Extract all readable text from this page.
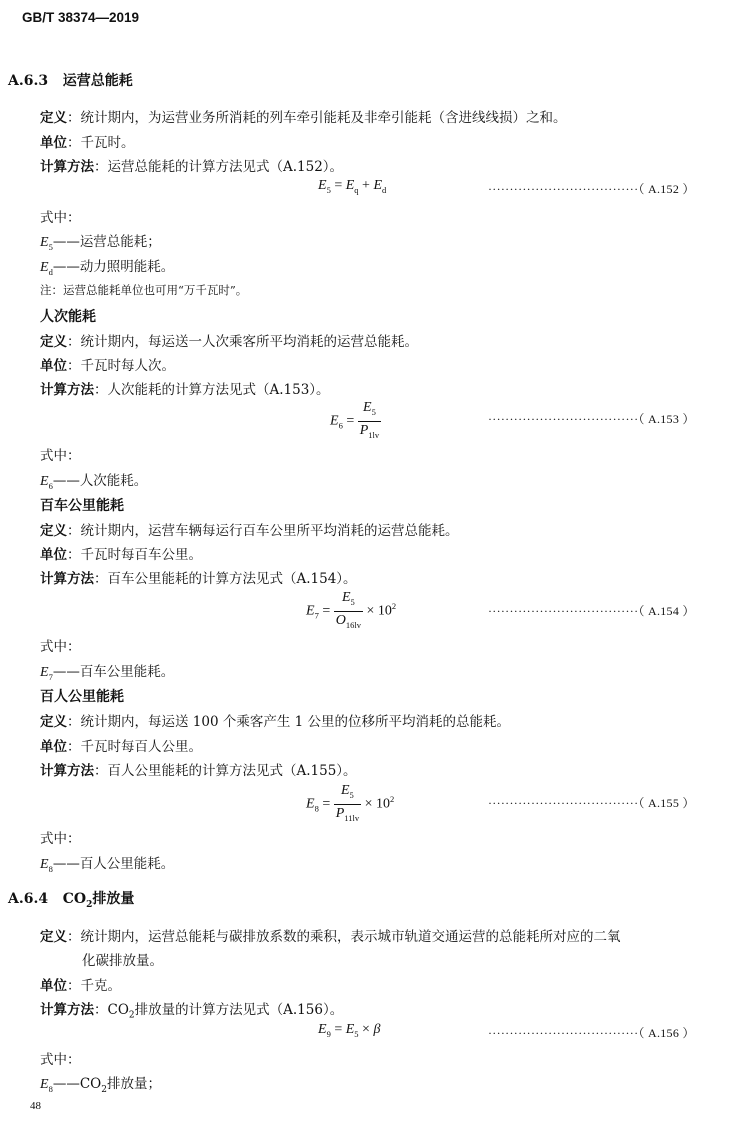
GB/T 38374—2019
A.6.3 运营总能耗
定义：统计期内，为运营业务所消耗的列车牵引能耗及非牵引能耗（含进线线损）之和。
单位：千瓦时。
计算方法：运营总能耗的计算方法见式（A.152）。
$E_5 = E_q + E_d$	···································（ A.152 ）
式中：
$E_5——$运营总能耗；
$E_d——$动力照明能耗。
注：运营总能耗单位也可用“万千瓦时”。
人次能耗
定义：统计期内，每运送一人次乘客所平均消耗的运营总能耗。
单位：千瓦时每人次。
计算方法：人次能耗的计算方法见式（A.153）。
$E_6 = \frac{E_5}{P_{1lv}}$	···································（ A.153 ）
式中：
$E_6——$人次能耗。
百车公里能耗
定义：统计期内，运营车辆每运行百车公里所平均消耗的运营总能耗。
单位：千瓦时每百车公里。
计算方法：百车公里能耗的计算方法见式（A.154）。
$E_7 = \frac{E_5}{O_{16lv}} \times 10^2$	···································（ A.154 ）
式中：
$E_7——$百车公里能耗。
百人公里能耗
定义：统计期内，每运送 100 个乘客产生 1 公里的位移所平均消耗的总能耗。
单位：千瓦时每百人公里。
计算方法：百人公里能耗的计算方法见式（A.155）。
$E_8 = \frac{E_5}{P_{11lv}} \times 10^2$	···································（ A.155 ）
式中：
$E_8——$百人公里能耗。
A.6.4 $CO_2$排放量
定义：统计期内，运营总能耗与碳排放系数的乘积，表示城市轨道交通运营的总能耗所对应的二氧
化碳排放量。
单位：千克。
计算方法：$CO_2$排放量的计算方法见式（A.156）。
$E_9 = E_5 \times \beta$	···································（ A.156 ）
式中：
$E_8——CO_2$排放量；
48
